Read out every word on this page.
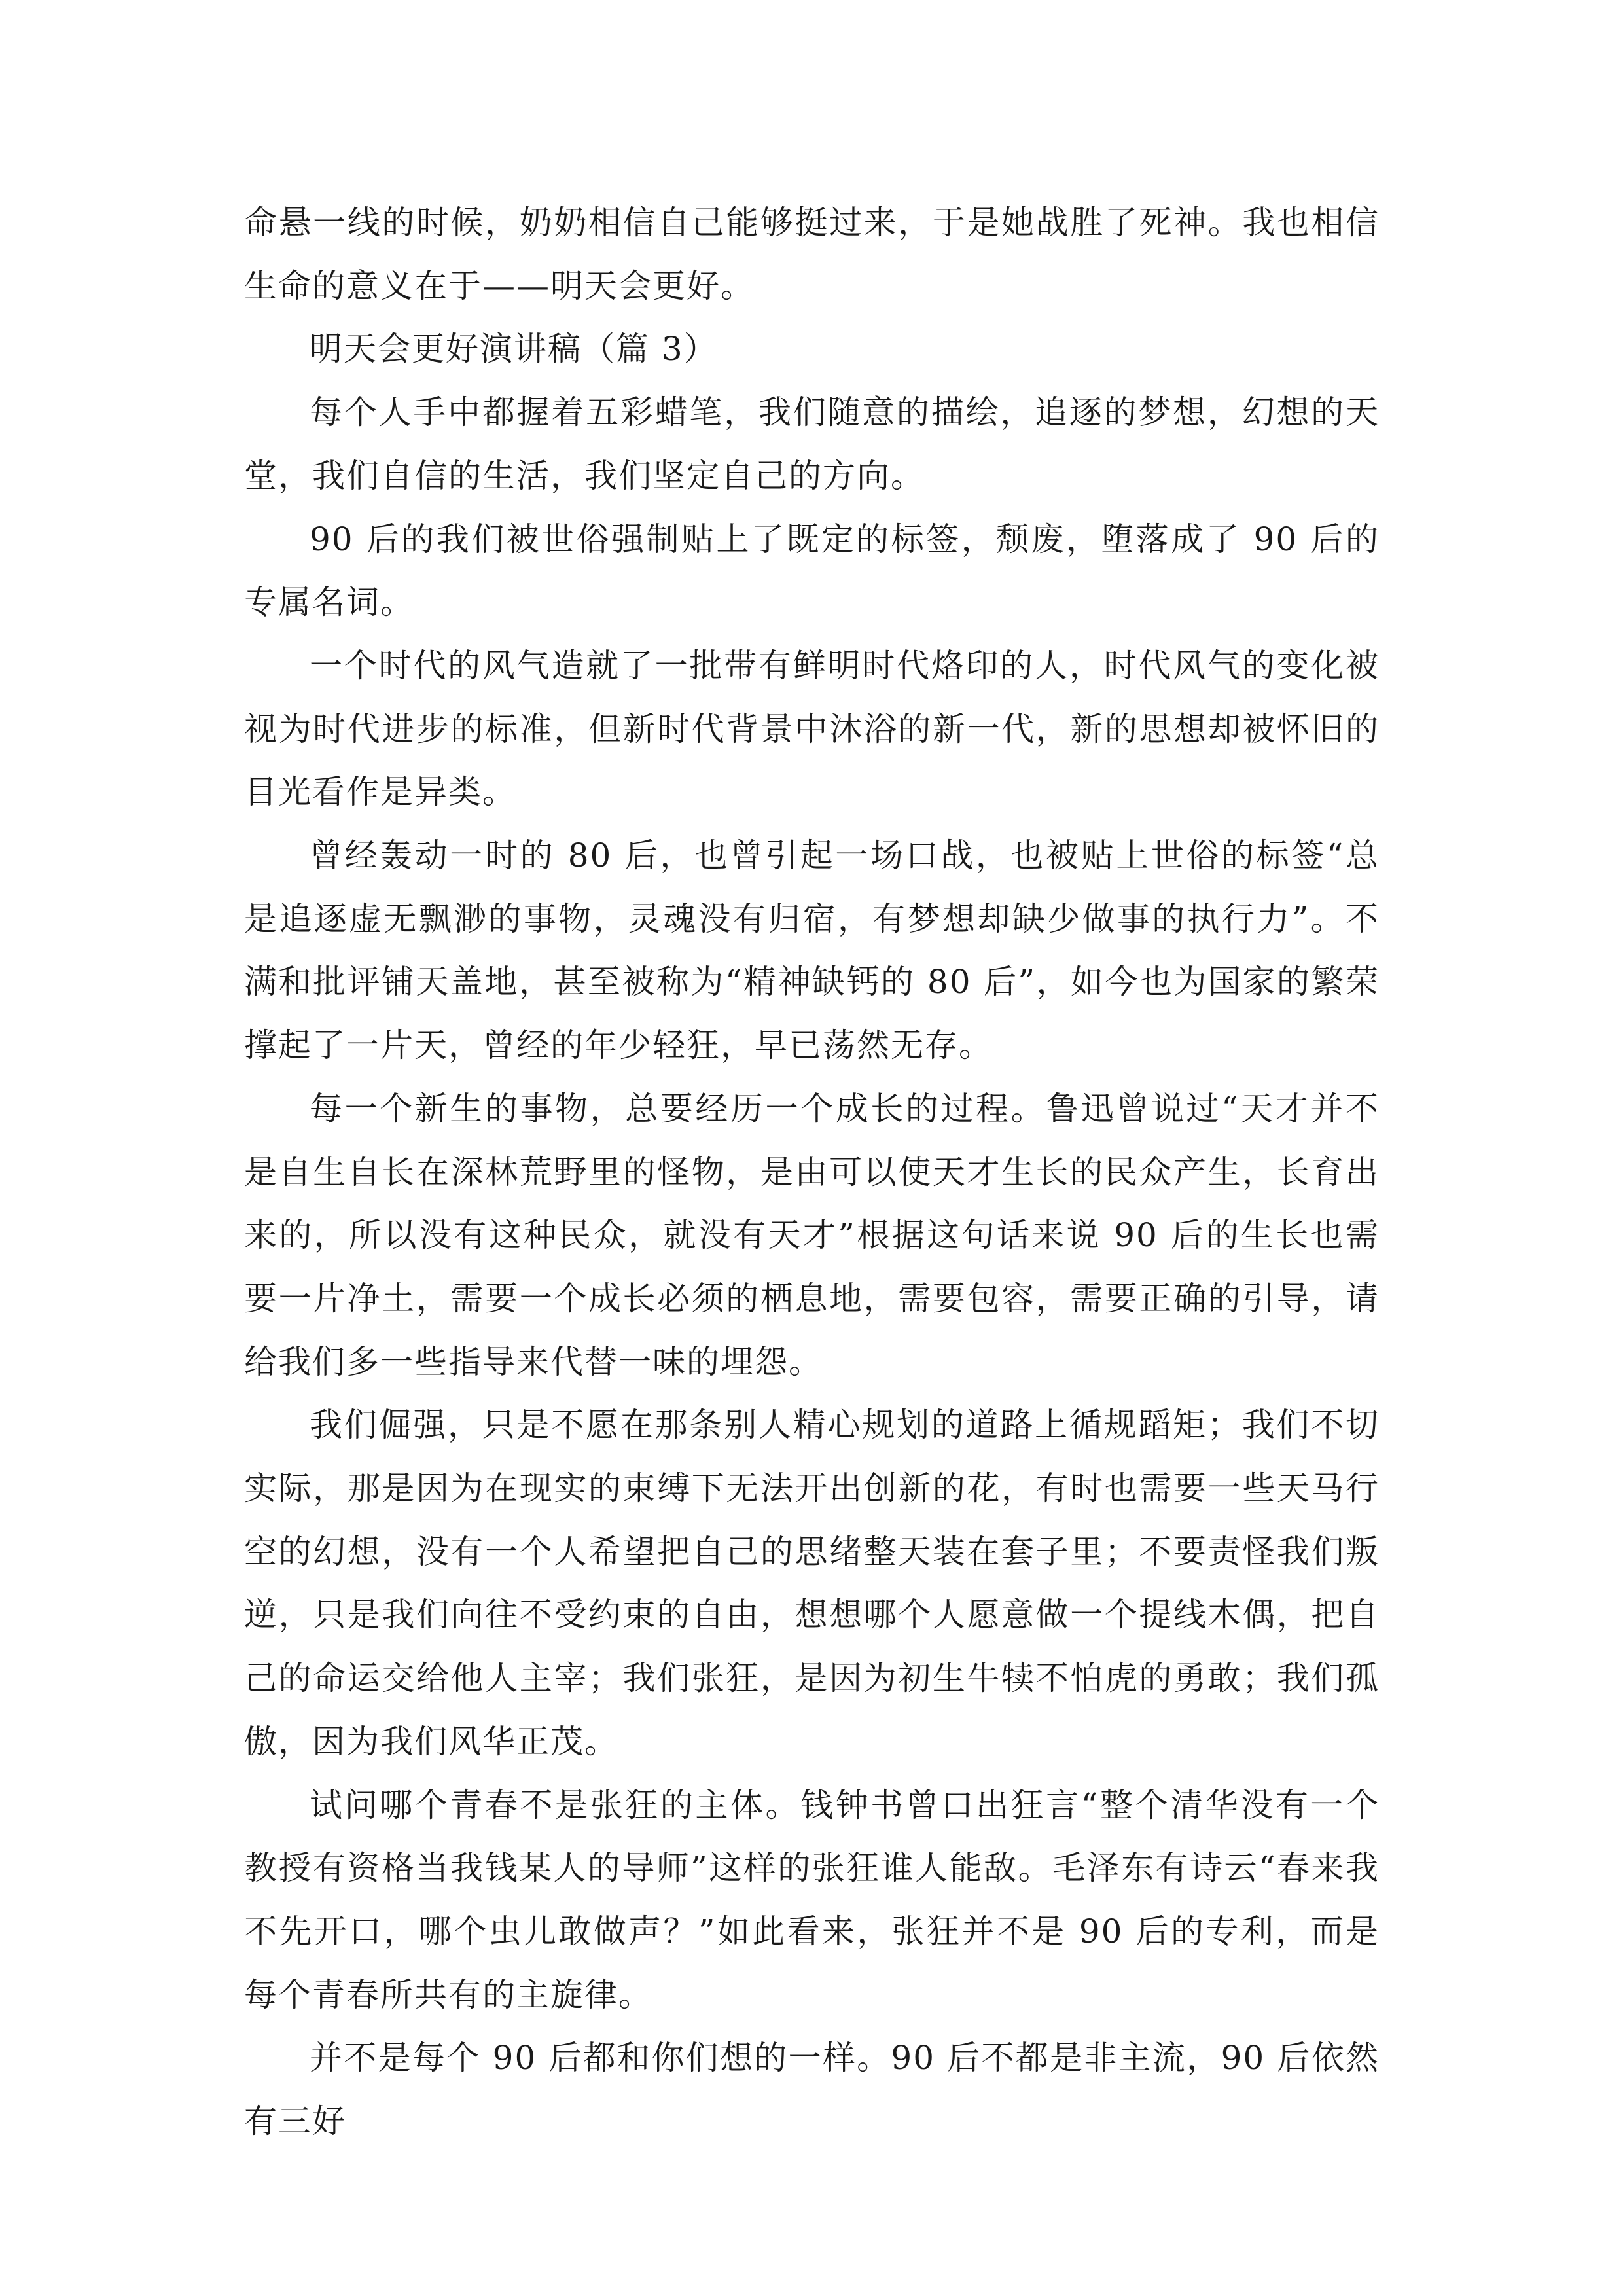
命悬一线的时候，奶奶相信自己能够挺过来，于是她战胜了死神。我也相信生命的意义在于——明天会更好。

明天会更好演讲稿（篇 3）

每个人手中都握着五彩蜡笔，我们随意的描绘，追逐的梦想，幻想的天堂，我们自信的生活，我们坚定自己的方向。

90 后的我们被世俗强制贴上了既定的标签，颓废，堕落成了 90 后的专属名词。

一个时代的风气造就了一批带有鲜明时代烙印的人，时代风气的变化被视为时代进步的标准，但新时代背景中沐浴的新一代，新的思想却被怀旧的目光看作是异类。

曾经轰动一时的 80 后，也曾引起一场口战，也被贴上世俗的标签“总是追逐虚无飘渺的事物，灵魂没有归宿，有梦想却缺少做事的执行力”。不满和批评铺天盖地，甚至被称为“精神缺钙的 80 后”，如今也为国家的繁荣撑起了一片天，曾经的年少轻狂，早已荡然无存。

每一个新生的事物，总要经历一个成长的过程。鲁迅曾说过“天才并不是自生自长在深林荒野里的怪物，是由可以使天才生长的民众产生，长育出来的，所以没有这种民众，就没有天才”根据这句话来说 90 后的生长也需要一片净土，需要一个成长必须的栖息地，需要包容，需要正确的引导，请给我们多一些指导来代替一味的埋怨。

我们倔强，只是不愿在那条别人精心规划的道路上循规蹈矩；我们不切实际，那是因为在现实的束缚下无法开出创新的花，有时也需要一些天马行空的幻想，没有一个人希望把自己的思绪整天装在套子里；不要责怪我们叛逆，只是我们向往不受约束的自由，想想哪个人愿意做一个提线木偶，把自己的命运交给他人主宰；我们张狂，是因为初生牛犊不怕虎的勇敢；我们孤傲，因为我们风华正茂。

试问哪个青春不是张狂的主体。钱钟书曾口出狂言“整个清华没有一个教授有资格当我钱某人的导师”这样的张狂谁人能敌。毛泽东有诗云“春来我不先开口，哪个虫儿敢做声？”如此看来，张狂并不是 90 后的专利，而是每个青春所共有的主旋律。

并不是每个 90 后都和你们想的一样。90 后不都是非主流，90 后依然有三好
